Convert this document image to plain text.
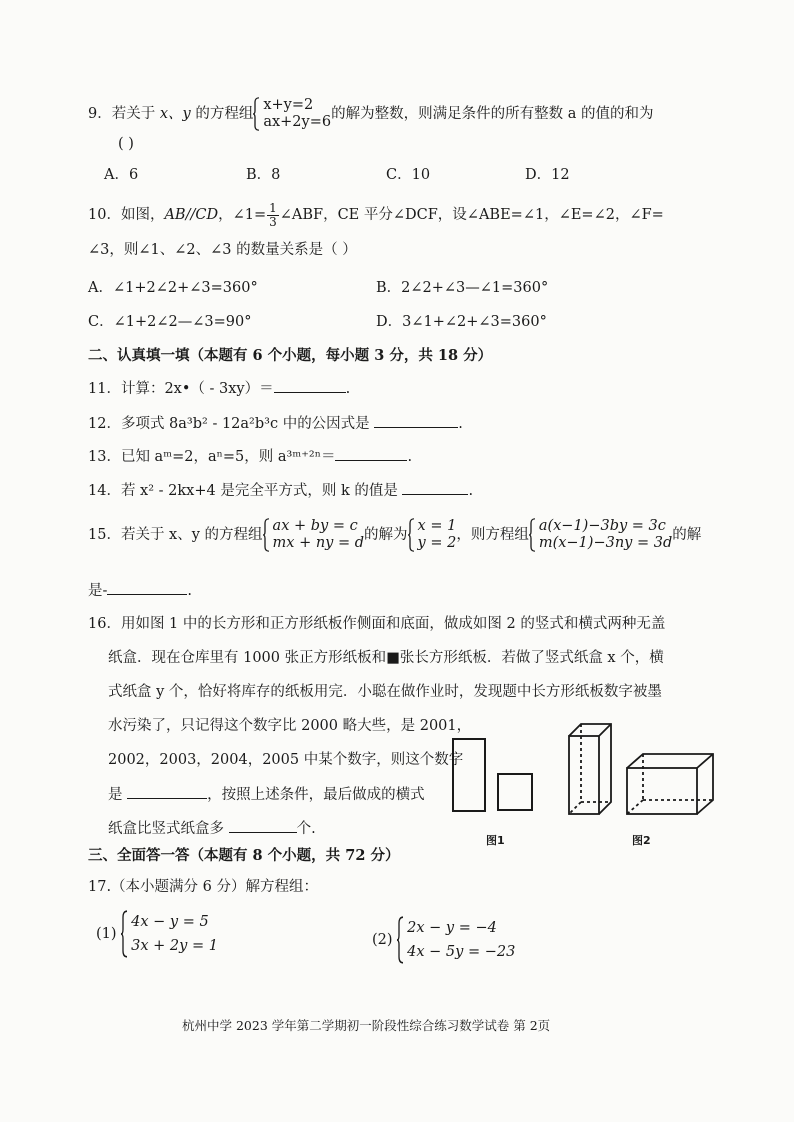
9．若关于 x、y 的方程组
x+y=2
ax+2y=6 的解为整数，则满足条件的所有整数 a 的值的和为
( )
A．6	B．8	C．10	D．12
10．如图，AB//CD，∠1= $\frac{1}{3}$ ∠ABF，CE 平分∠DCF，设∠ABE=∠1，∠E=∠2，∠F=
∠3，则∠1、∠2、∠3 的数量关系是（ ）
A．∠1+2∠2+∠3=360°	B．2∠2+∠3—∠1=360°
C．∠1+2∠2—∠3=90°	D．3∠1+∠2+∠3=360°
二、认真填一填（本题有 6 个小题，每小题 3 分，共 18 分）
11．计算：2x•（ - 3xy）＝	.
12．多项式 8a³b² - 12a²b³c 中的公因式是	.
13．已知 aᵐ=2，aⁿ=5，则 a³ᵐ⁺²ⁿ＝	.
14．若 x² - 2kx+4 是完全平方式，则 k 的值是	.
15．若关于 x、y 的方程组
ax + by = c
mx + ny = d 的解为
x = 1
y = 2 ，则方程组
a(x−1)−3by = 3c
m(x−1)−3ny = 3d 的解
是-	.
16．用如图 1 中的长方形和正方形纸板作侧面和底面，做成如图 2 的竖式和横式两种无盖
纸盒．现在仓库里有 1000 张正方形纸板和■张长方形纸板．若做了竖式纸盒 x 个，横
式纸盒 y 个，恰好将库存的纸板用完．小聪在做作业时，发现题中长方形纸板数字被墨
水污染了，只记得这个数字比 2000 略大些，是 2001，
2002，2003，2004，2005 中某个数字，则这个数字
是	，按照上述条件，最后做成的横式
纸盒比竖式纸盒多	个.
图1	图2
三、全面答一答（本题有 8 个小题，共 72 分）
17.（本小题满分 6 分）解方程组：
(1)
4x − y = 5
3x + 2y = 1	(2)
2x − y = −4
4x − 5y = −23
杭州中学 2023 学年第二学期初一阶段性综合练习数学试卷 第 2页
